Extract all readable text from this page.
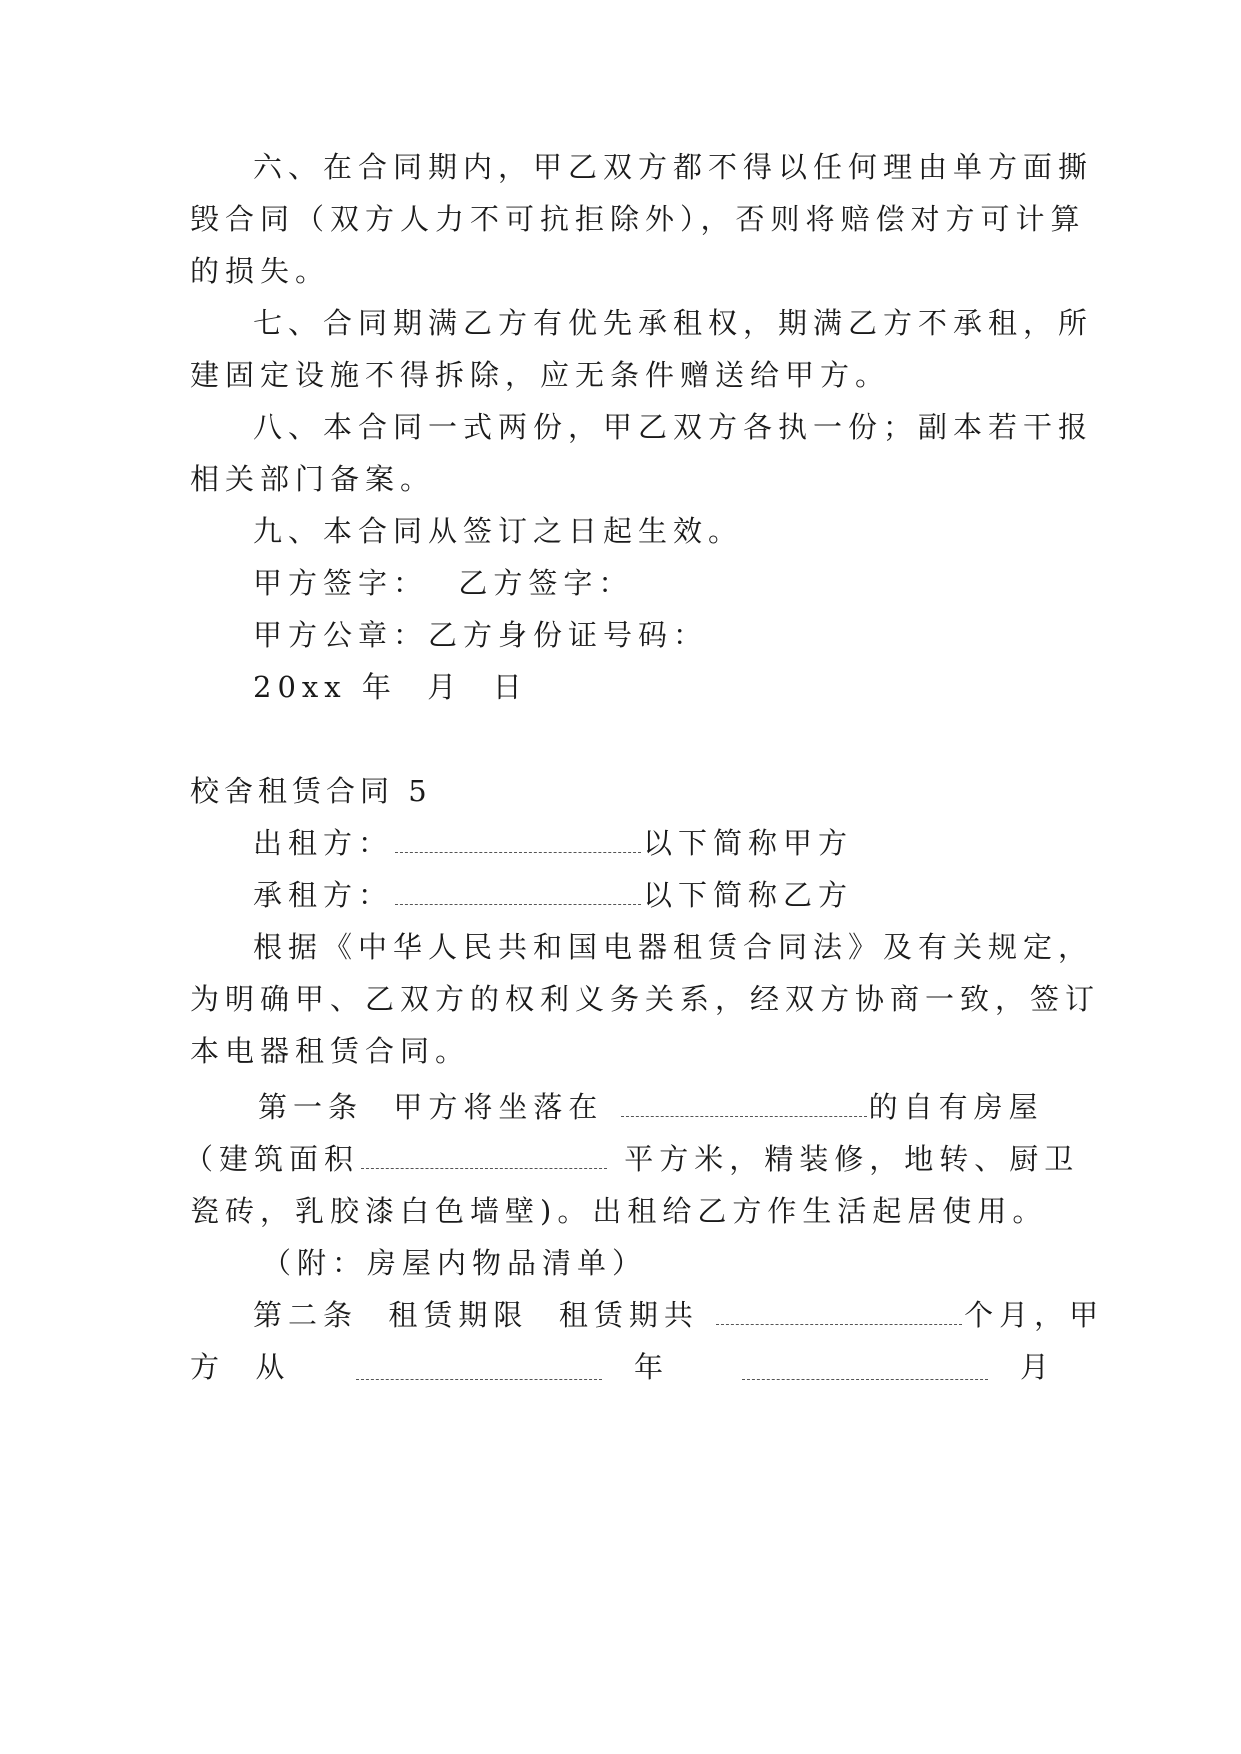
六、在合同期内，甲乙双方都不得以任何理由单方面撕
毁合同（双方人力不可抗拒除外），否则将赔偿对方可计算
的损失。
七、合同期满乙方有优先承租权，期满乙方不承租，所
建固定设施不得拆除，应无条件赠送给甲方。
八、本合同一式两份，甲乙双方各执一份；副本若干报
相关部门备案。
九、本合同从签订之日起生效。
甲方签字：  乙方签字：
甲方公章：乙方身份证号码：
20xx 年  月  日
校舍租赁合同 5
出租方：	以下简称甲方
承租方：	以下简称乙方
根据《中华人民共和国电器租赁合同法》及有关规定，
为明确甲、乙双方的权利义务关系，经双方协商一致，签订
本电器租赁合同。
第一条  甲方将坐落在	的自有房屋
（建筑面积	平方米，精装修，地转、厨卫
瓷砖，乳胶漆白色墙壁)。出租给乙方作生活起居使用。
（附：房屋内物品清单）
第二条  租赁期限  租赁期共	个月，甲
方  从	年	月
